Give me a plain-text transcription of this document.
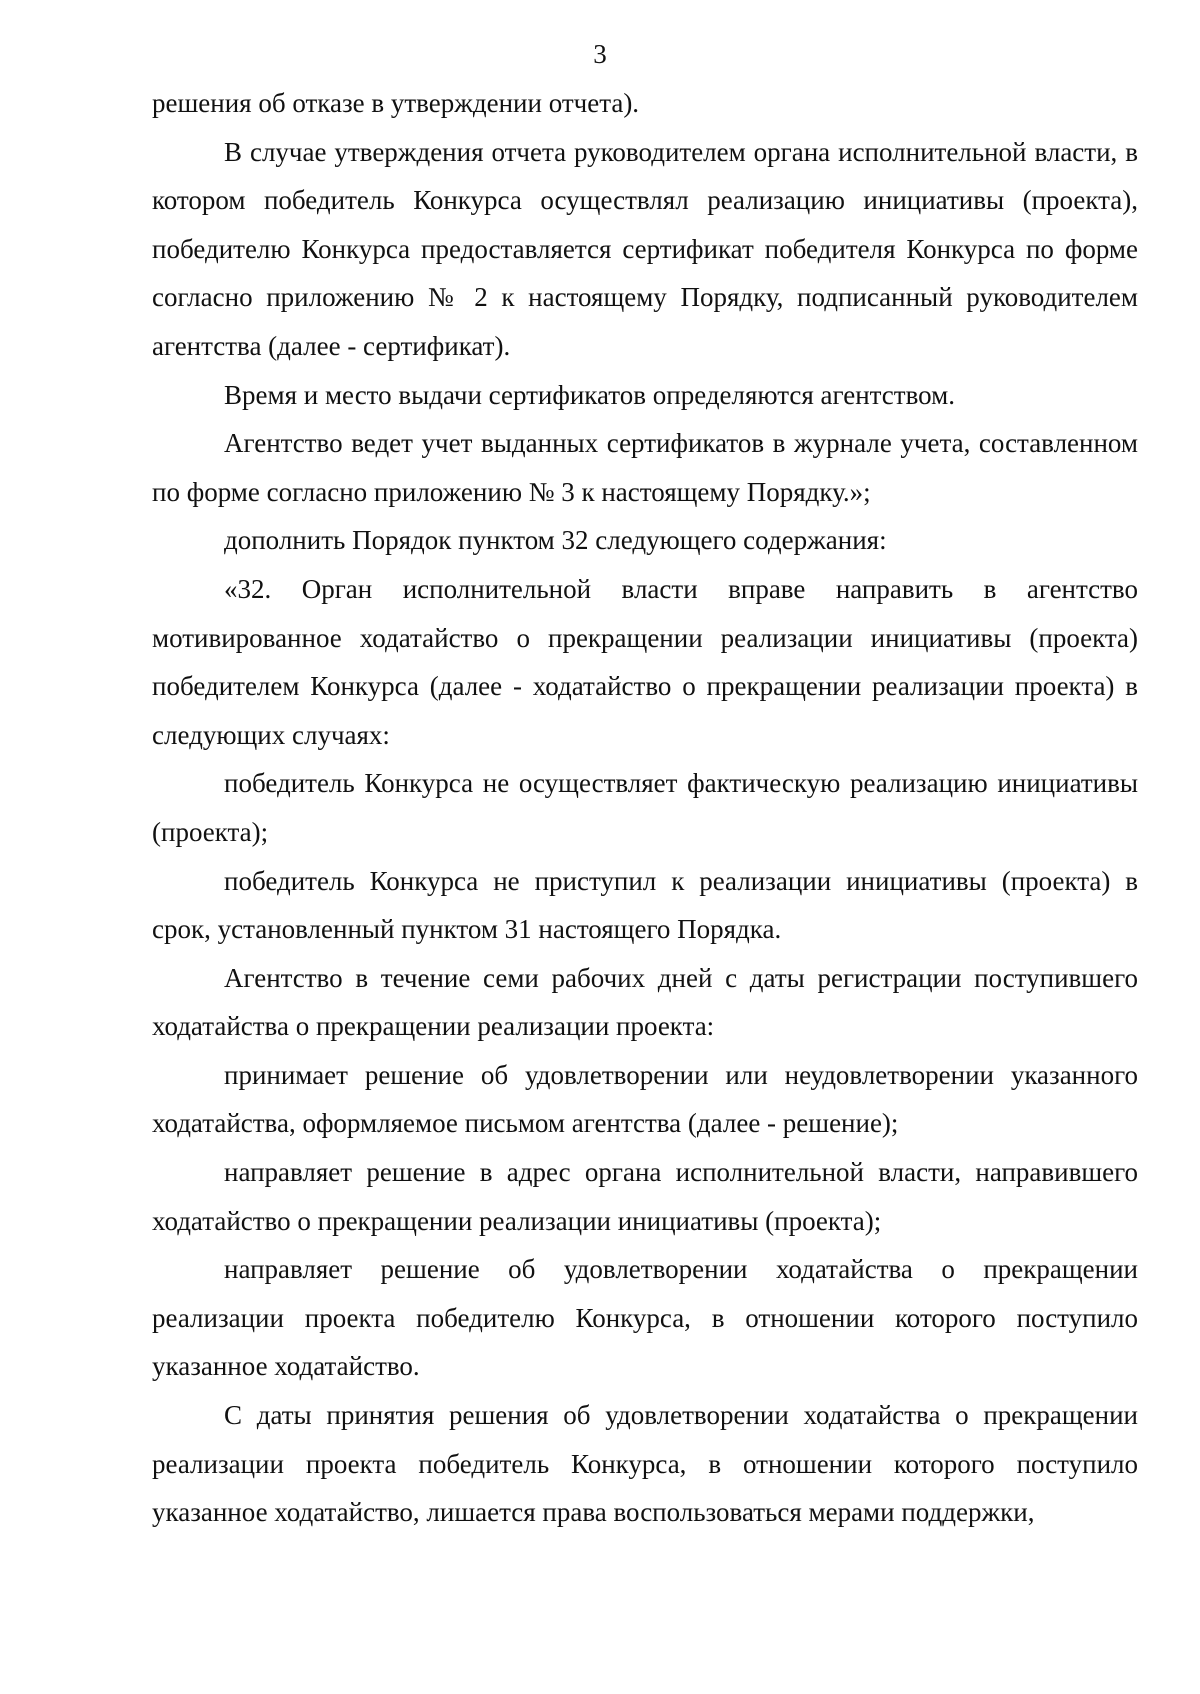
3

решения об отказе в утверждении отчета).

В случае утверждения отчета руководителем органа исполнительной власти, в котором победитель Конкурса осуществлял реализацию инициативы (проекта), победителю Конкурса предоставляется сертификат победителя Конкурса по форме согласно приложению № 2 к настоящему Порядку, подписанный руководителем агентства (далее - сертификат).

Время и место выдачи сертификатов определяются агентством.

Агентство ведет учет выданных сертификатов в журнале учета, составленном по форме согласно приложению № 3 к настоящему Порядку.»;

дополнить Порядок пунктом 32 следующего содержания:

«32. Орган исполнительной власти вправе направить в агентство мотивированное ходатайство о прекращении реализации инициативы (проекта) победителем Конкурса (далее - ходатайство о прекращении реализации проекта) в следующих случаях:

победитель Конкурса не осуществляет фактическую реализацию инициативы (проекта);

победитель Конкурса не приступил к реализации инициативы (проекта) в срок, установленный пунктом 31 настоящего Порядка.

Агентство в течение семи рабочих дней с даты регистрации поступившего ходатайства о прекращении реализации проекта:

принимает решение об удовлетворении или неудовлетворении указанного ходатайства, оформляемое письмом агентства (далее - решение);

направляет решение в адрес органа исполнительной власти, направившего ходатайство о прекращении реализации инициативы (проекта);

направляет решение об удовлетворении ходатайства о прекращении реализации проекта победителю Конкурса, в отношении которого поступило указанное ходатайство.

С даты принятия решения об удовлетворении ходатайства о прекращении реализации проекта победитель Конкурса, в отношении которого поступило указанное ходатайство, лишается права воспользоваться мерами поддержки,
